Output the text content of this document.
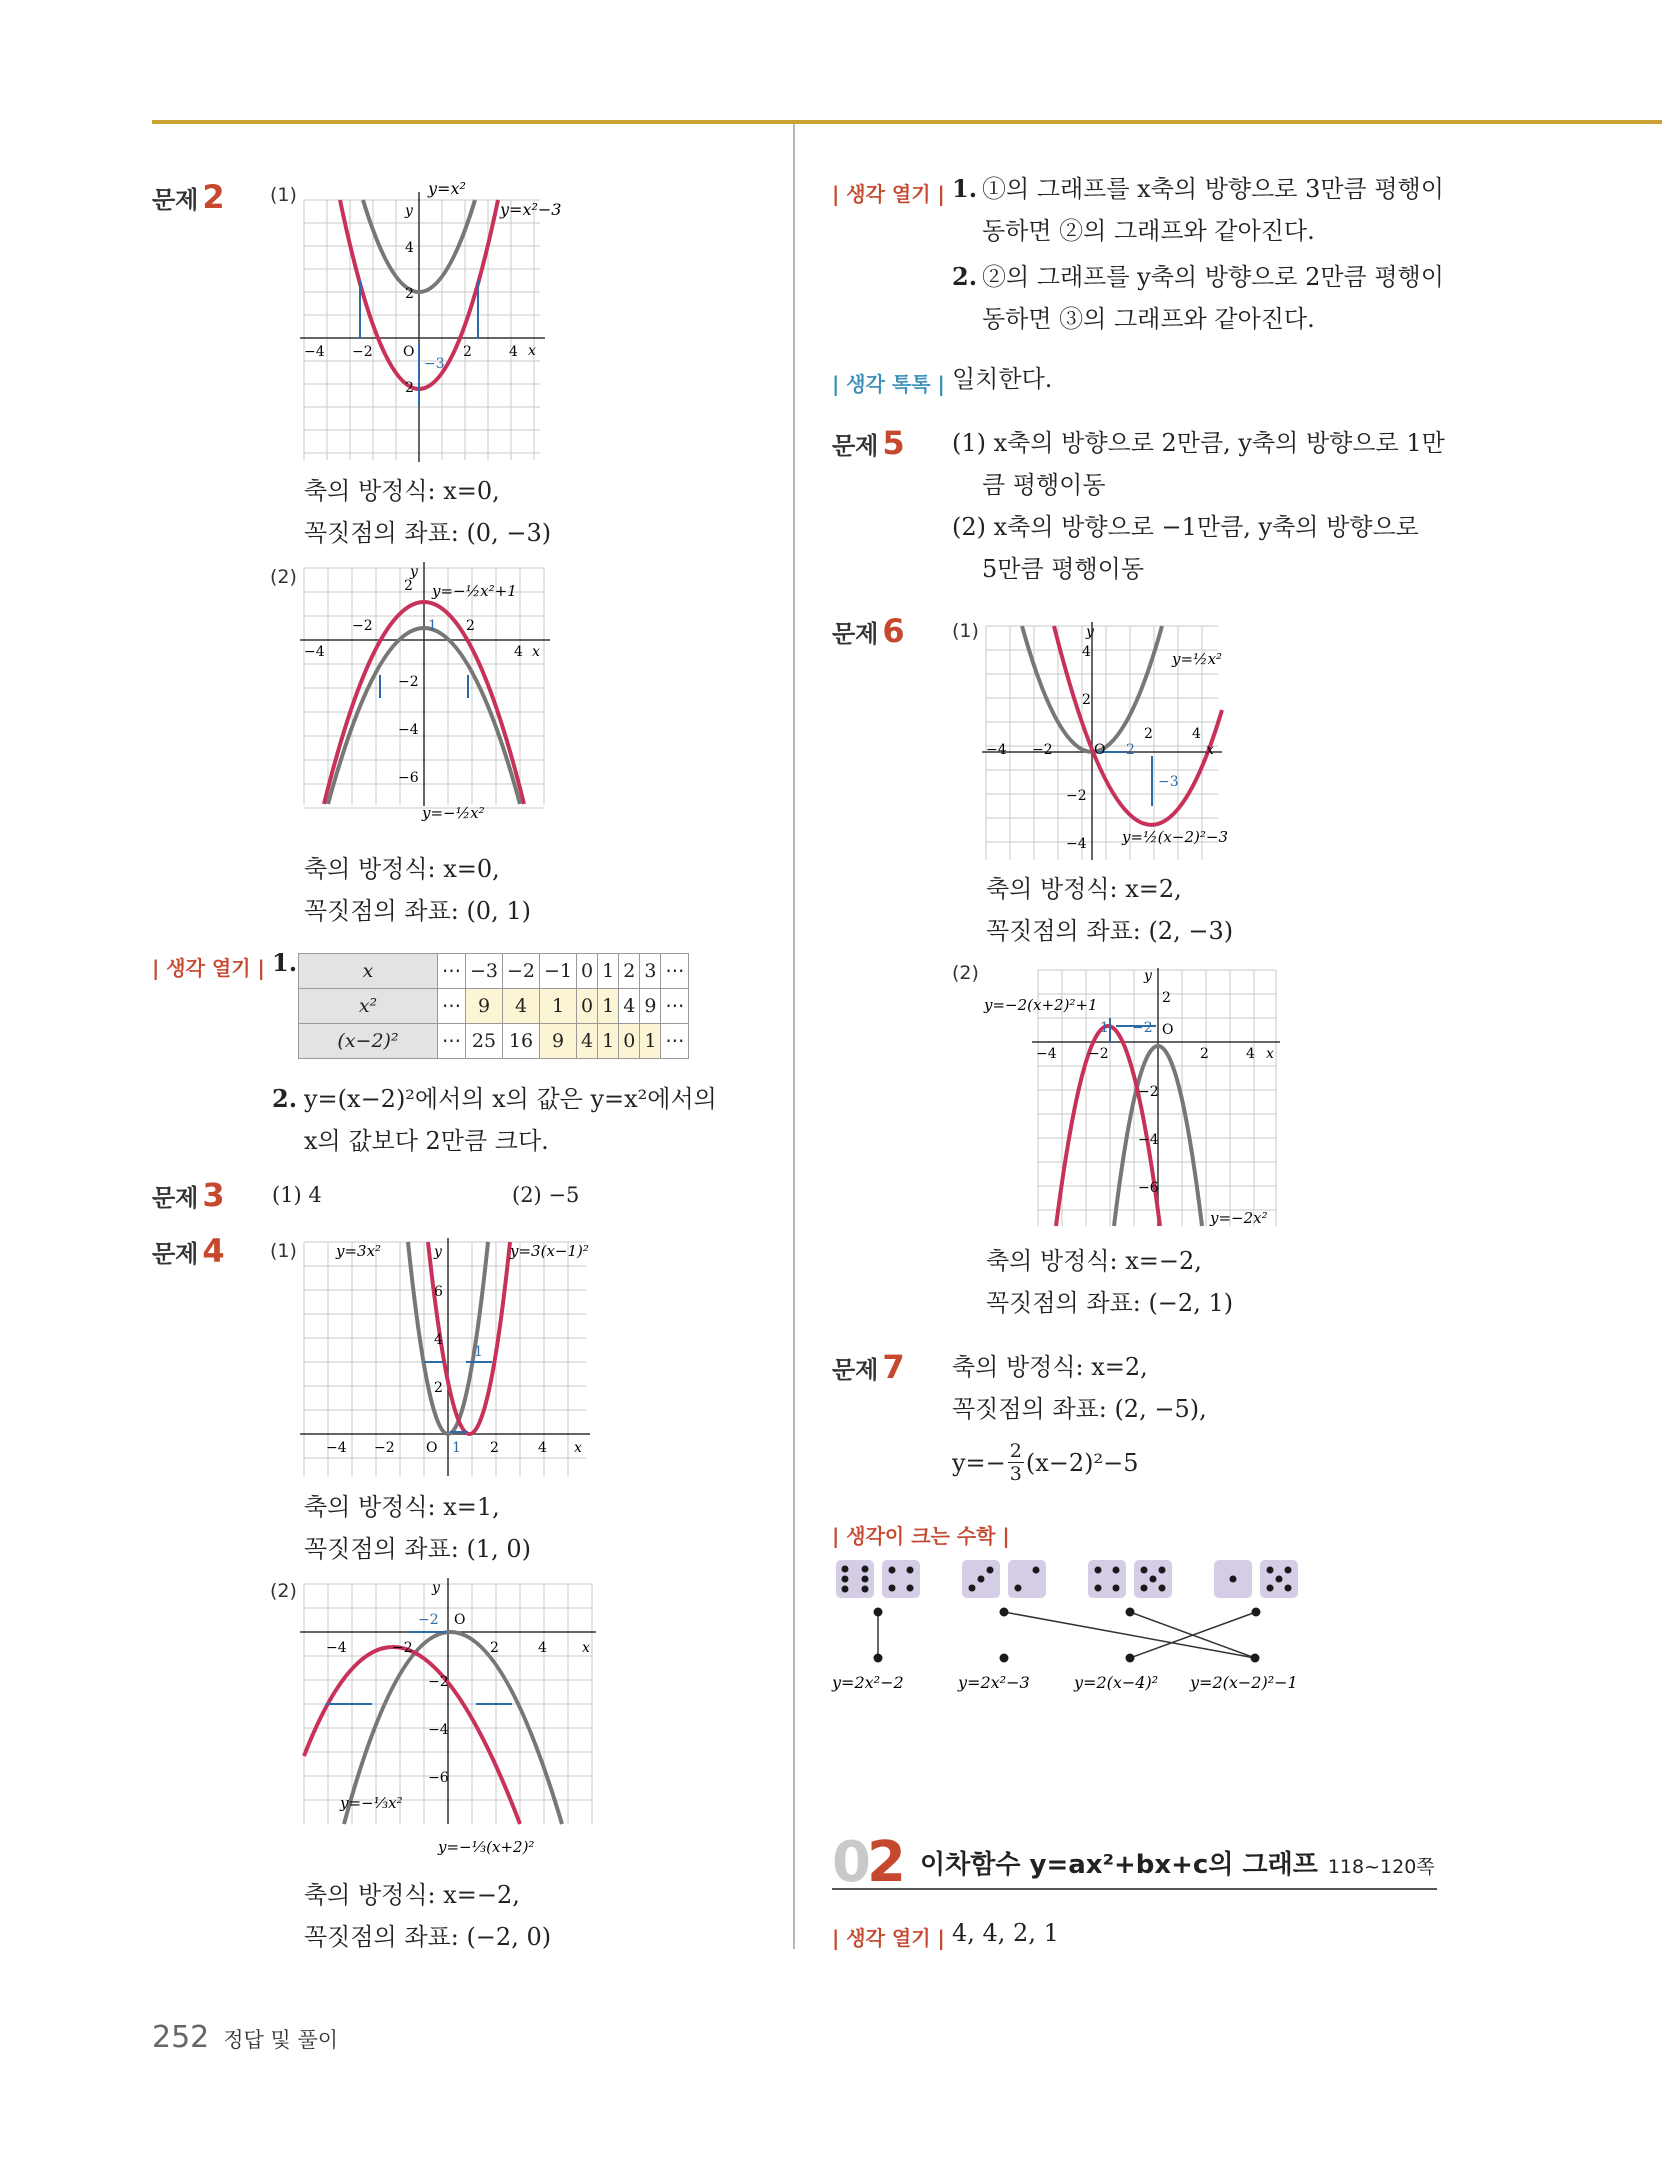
문제 2 (1)	y=x²
y=x²−3
y
x
−4 −2 O	2	4
4
2
2
−3
축의 방정식: x=0,
꼭짓점의 좌표: (0, −3)
(2)
y=−½x²+1
y=−½x²
−4
−2	2
4
2
−2
−4
−6
1
x
y
축의 방정식: x=0,
꼭짓점의 좌표: (0, 1)
| 생각 열기 | 1.	x	⋯	−3	−2	−1	0	1	2	3	⋯
x²	⋯	9	4	1	0	1	4	9	⋯
(x−2)²	⋯	25	16	9	4	1	0	1	⋯
2. y=(x−2)²에서의 x의 값은 y=x²에서의
x의 값보다 2만큼 크다.
문제 3 (1) 4	(2) −5
문제 4 (1)	y=3x²	y=3(x−1)²
−4 −2 O 1 2	4
6
4
2
1
x
y
축의 방정식: x=1,
꼭짓점의 좌표: (1, 0)
(2)
y=−⅓x²
y=−⅓(x+2)²
−4	−2
O
2	4
−2
−4
−6
−2
x
y
축의 방정식: x=−2,
꼭짓점의 좌표: (−2, 0)
| 생각 열기 | 1. ①의 그래프를 x축의 방향으로 3만큼 평행이
동하면 ②의 그래프와 같아진다.
2. ②의 그래프를 y축의 방향으로 2만큼 평행이
동하면 ③의 그래프와 같아진다.
| 생각 톡톡 | 일치한다.
문제 5 (1) x축의 방향으로 2만큼, y축의 방향으로 1만
큼 평행이동
(2) x축의 방향으로 −1만큼, y축의 방향으로
5만큼 평행이동
문제 6 (1)
y=½x²
y=½(x−2)²−3
−4 −2	O
2	4
4
2
−2
−4
2
−3
x
y
축의 방정식: x=2,
꼭짓점의 좌표: (2, −3)
(2)
y=−2(x+2)²+1
y=−2x²
−4 −2
O
2	4
2
−2
−4
−6
−2
1
x
y
축의 방정식: x=−2,
꼭짓점의 좌표: (−2, 1)
문제 7 축의 방정식: x=2,
꼭짓점의 좌표: (2, −5),
$y=- \frac{2}{3} (x-2)^2-5$
| 생각이 크는 수학 |
y=2x²−2	y=2x²−3	y=2(x−4)² y=2(x−2)²−1
02 이차함수 y=ax²+bx+c의 그래프 118~120쪽
| 생각 열기 | 4, 4, 2, 1
252 정답 및 풀이
